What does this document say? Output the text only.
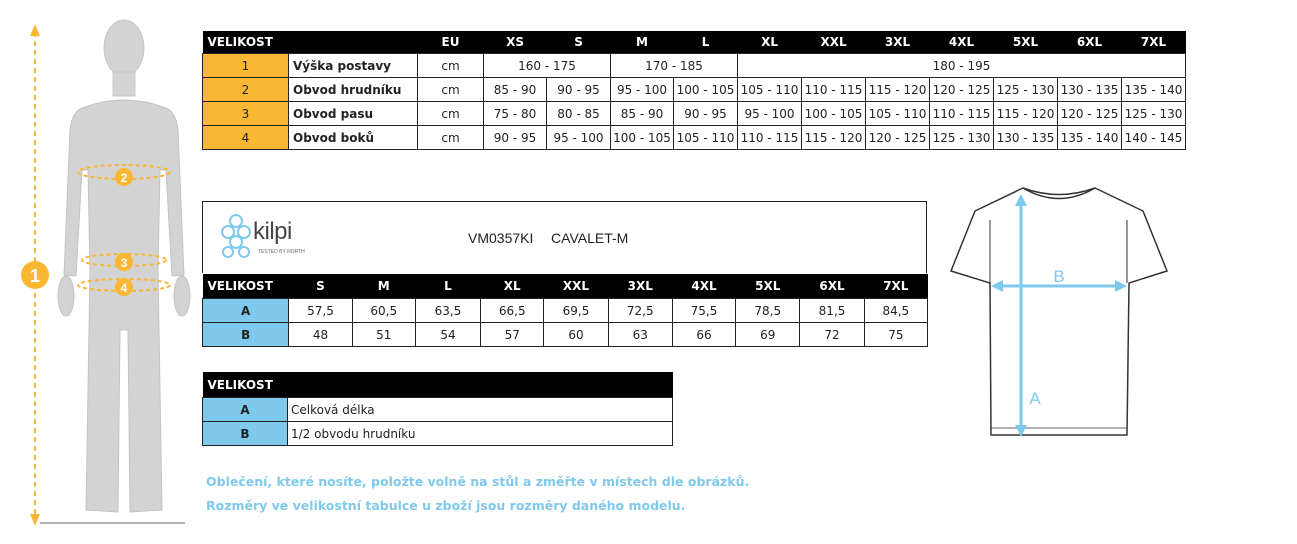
1
2
3
4
VELIKOST		EU	XS	S	M	L	XL	XXL	3XL	4XL	5XL	6XL	7XL
1	Výška postavy	cm	160 - 175		170 - 185		180 - 195						
2	Obvod hrudníku	cm	85 - 90	90 - 95	95 - 100	100 - 105	105 - 110	110 - 115	115 - 120	120 - 125	125 - 130	130 - 135	135 - 140
3	Obvod pasu	cm	75 - 80	80 - 85	85 - 90	90 - 95	95 - 100	100 - 105	105 - 110	110 - 115	115 - 120	120 - 125	125 - 130
4	Obvod boků	cm	90 - 95	95 - 100	100 - 105	105 - 110	110 - 115	115 - 120	120 - 125	125 - 130	130 - 135	135 - 140	140 - 145
kilpi
TESTED BY NORTH
VM0357KI CAVALET-M
VELIKOST	S	M	L	XL	XXL	3XL	4XL	5XL	6XL	7XL
A	57,5	60,5	63,5	66,5	69,5	72,5	75,5	78,5	81,5	84,5
B	48	51	54	57	60	63	66	69	72	75
VELIKOST	
A	Celková délka
B	1/2 obvodu hrudníku
Oblečení, které nosíte, položte volně na stůl a změřte v místech dle obrázků.
Rozměry ve velikostní tabulce u zboží jsou rozměry daného modelu.
B
A
